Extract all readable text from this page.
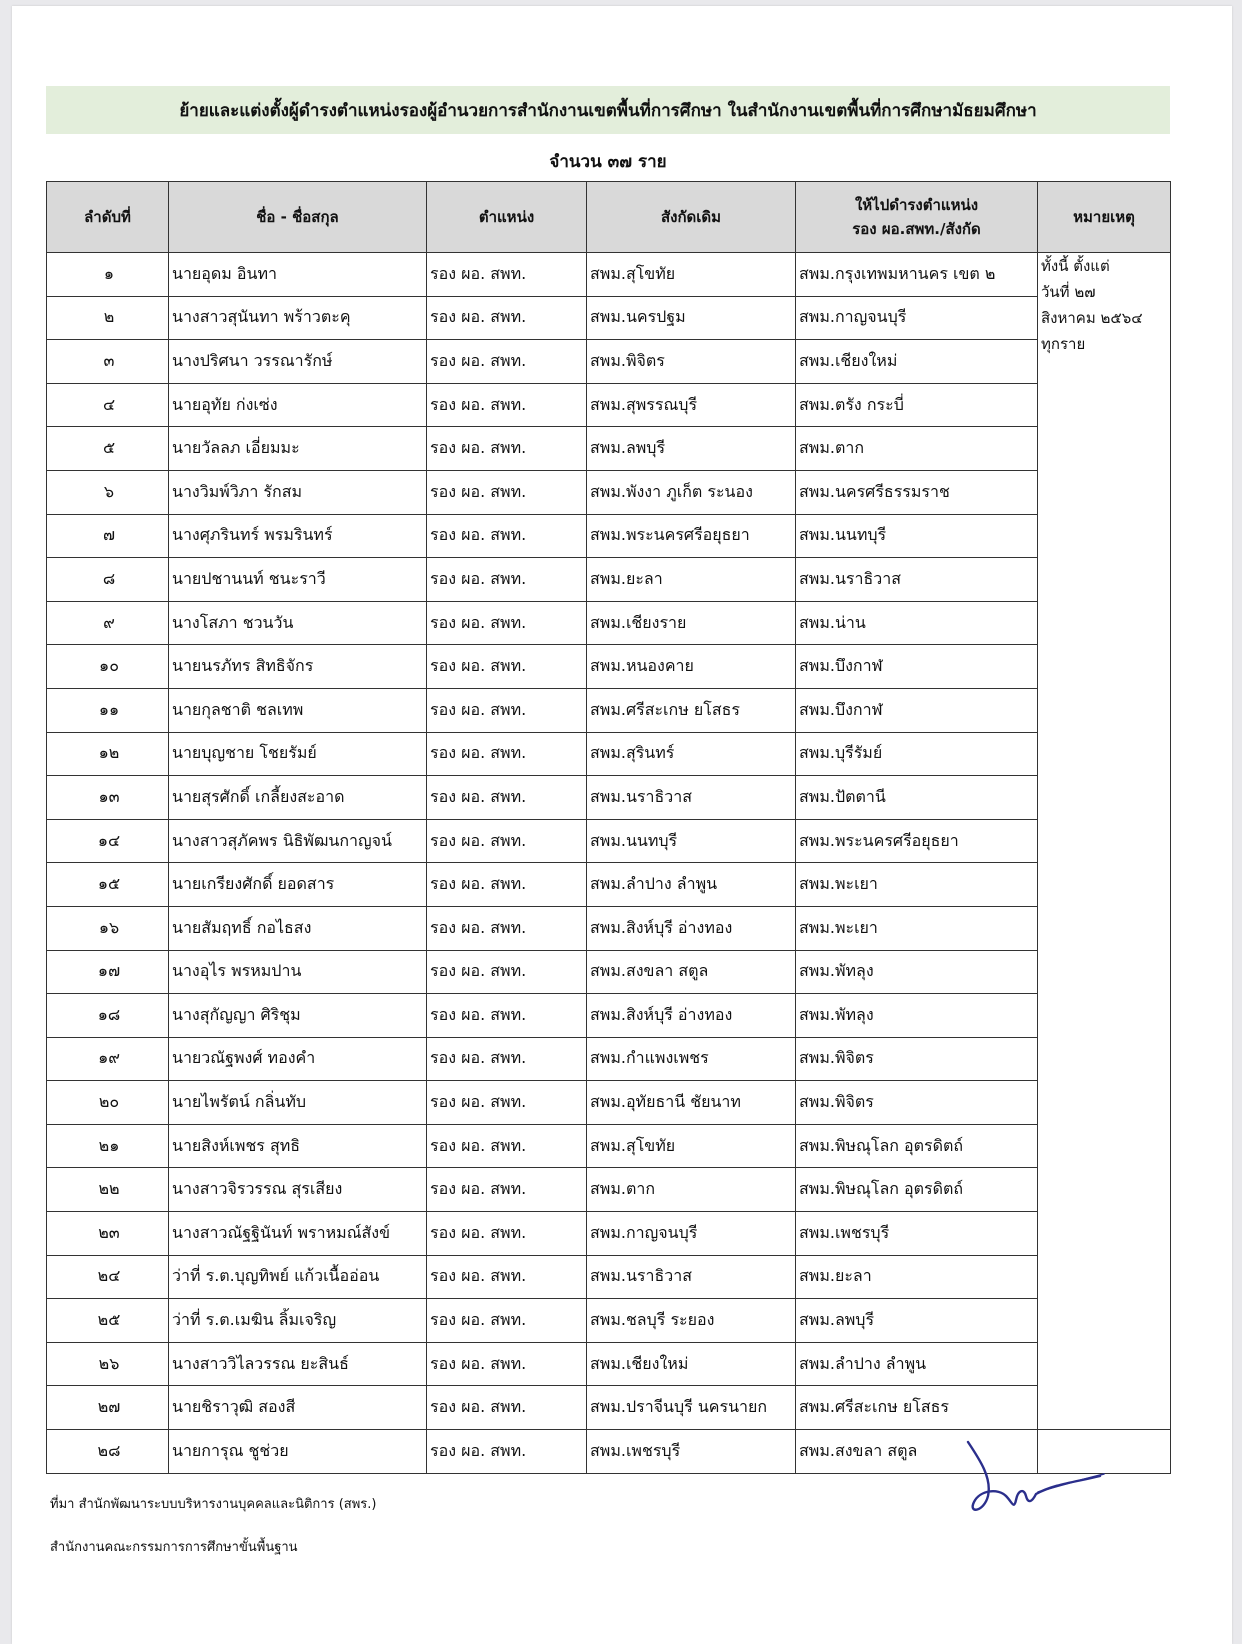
ย้ายและแต่งตั้งผู้ดำรงตำแหน่งรองผู้อำนวยการสำนักงานเขตพื้นที่การศึกษา ในสำนักงานเขตพื้นที่การศึกษามัธยมศึกษา
จำนวน ๓๗ ราย
ลำดับที่	ชื่อ - ชื่อสกุล	ตำแหน่ง	สังกัดเดิม	ให้ไปดำรงตำแหน่ง
รอง ผอ.สพท./สังกัด	หมายเหตุ
๑	นายอุดม อินทา	รอง ผอ. สพท.	สพม.สุโขทัย	สพม.กรุงเทพมหานคร เขต ๒	ทั้งนี้ ตั้งแต่
วันที่ ๒๗
สิงหาคม ๒๕๖๔
ทุกราย

๒	นางสาวสุนันทา พร้าวตะคุ	รอง ผอ. สพท.	สพม.นครปฐม	สพม.กาญจนบุรี	
๓	นางปริศนา วรรณารักษ์	รอง ผอ. สพท.	สพม.พิจิตร	สพม.เชียงใหม่	
๔	นายอุทัย ก่งเซ่ง	รอง ผอ. สพท.	สพม.สุพรรณบุรี	สพม.ตรัง กระบี่	
๕	นายวัลลภ เอี่ยมมะ	รอง ผอ. สพท.	สพม.ลพบุรี	สพม.ตาก	
๖	นางวิมพ์วิภา รักสม	รอง ผอ. สพท.	สพม.พังงา ภูเก็ต ระนอง	สพม.นครศรีธรรมราช	
๗	นางศุภรินทร์ พรมรินทร์	รอง ผอ. สพท.	สพม.พระนครศรีอยุธยา	สพม.นนทบุรี	
๘	นายปชานนท์ ชนะราวี	รอง ผอ. สพท.	สพม.ยะลา	สพม.นราธิวาส	
๙	นางโสภา ชวนวัน	รอง ผอ. สพท.	สพม.เชียงราย	สพม.น่าน	
๑๐	นายนรภัทร สิทธิจักร	รอง ผอ. สพท.	สพม.หนองคาย	สพม.บึงกาฬ	
๑๑	นายกุลชาติ ชลเทพ	รอง ผอ. สพท.	สพม.ศรีสะเกษ ยโสธร	สพม.บึงกาฬ	
๑๒	นายบุญชาย โชยรัมย์	รอง ผอ. สพท.	สพม.สุรินทร์	สพม.บุรีรัมย์	
๑๓	นายสุรศักดิ์ เกลี้ยงสะอาด	รอง ผอ. สพท.	สพม.นราธิวาส	สพม.ปัตตานี	
๑๔	นางสาวสุภัคพร นิธิพัฒนกาญจน์	รอง ผอ. สพท.	สพม.นนทบุรี	สพม.พระนครศรีอยุธยา	
๑๕	นายเกรียงศักดิ์ ยอดสาร	รอง ผอ. สพท.	สพม.ลำปาง ลำพูน	สพม.พะเยา	
๑๖	นายสัมฤทธิ์ กอไธสง	รอง ผอ. สพท.	สพม.สิงห์บุรี อ่างทอง	สพม.พะเยา	
๑๗	นางอุไร พรหมปาน	รอง ผอ. สพท.	สพม.สงขลา สตูล	สพม.พัทลุง	
๑๘	นางสุกัญญา ศิริชุม	รอง ผอ. สพท.	สพม.สิงห์บุรี อ่างทอง	สพม.พัทลุง	
๑๙	นายวณัฐพงศ์ ทองคำ	รอง ผอ. สพท.	สพม.กำแพงเพชร	สพม.พิจิตร	
๒๐	นายไพรัตน์ กลิ่นทับ	รอง ผอ. สพท.	สพม.อุทัยธานี ชัยนาท	สพม.พิจิตร	
๒๑	นายสิงห์เพชร สุทธิ	รอง ผอ. สพท.	สพม.สุโขทัย	สพม.พิษณุโลก อุตรดิตถ์	
๒๒	นางสาวจิรวรรณ สุรเสียง	รอง ผอ. สพท.	สพม.ตาก	สพม.พิษณุโลก อุตรดิตถ์	
๒๓	นางสาวณัฐฐินันท์ พราหมณ์สังข์	รอง ผอ. สพท.	สพม.กาญจนบุรี	สพม.เพชรบุรี	
๒๔	ว่าที่ ร.ต.บุญทิพย์ แก้วเนื้ออ่อน	รอง ผอ. สพท.	สพม.นราธิวาส	สพม.ยะลา	
๒๕	ว่าที่ ร.ต.เมฆิน ลิ้มเจริญ	รอง ผอ. สพท.	สพม.ชลบุรี ระยอง	สพม.ลพบุรี	
๒๖	นางสาววิไลวรรณ ยะสินธ์	รอง ผอ. สพท.	สพม.เชียงใหม่	สพม.ลำปาง ลำพูน	
๒๗	นายชิราวุฒิ สองสี	รอง ผอ. สพท.	สพม.ปราจีนบุรี นครนายก	สพม.ศรีสะเกษ ยโสธร	
๒๘	นายการุณ ชูช่วย	รอง ผอ. สพท.	สพม.เพชรบุรี	สพม.สงขลา สตูล	
ที่มา สำนักพัฒนาระบบบริหารงานบุคคลและนิติการ (สพร.)
สำนักงานคณะกรรมการการศึกษาขั้นพื้นฐาน
